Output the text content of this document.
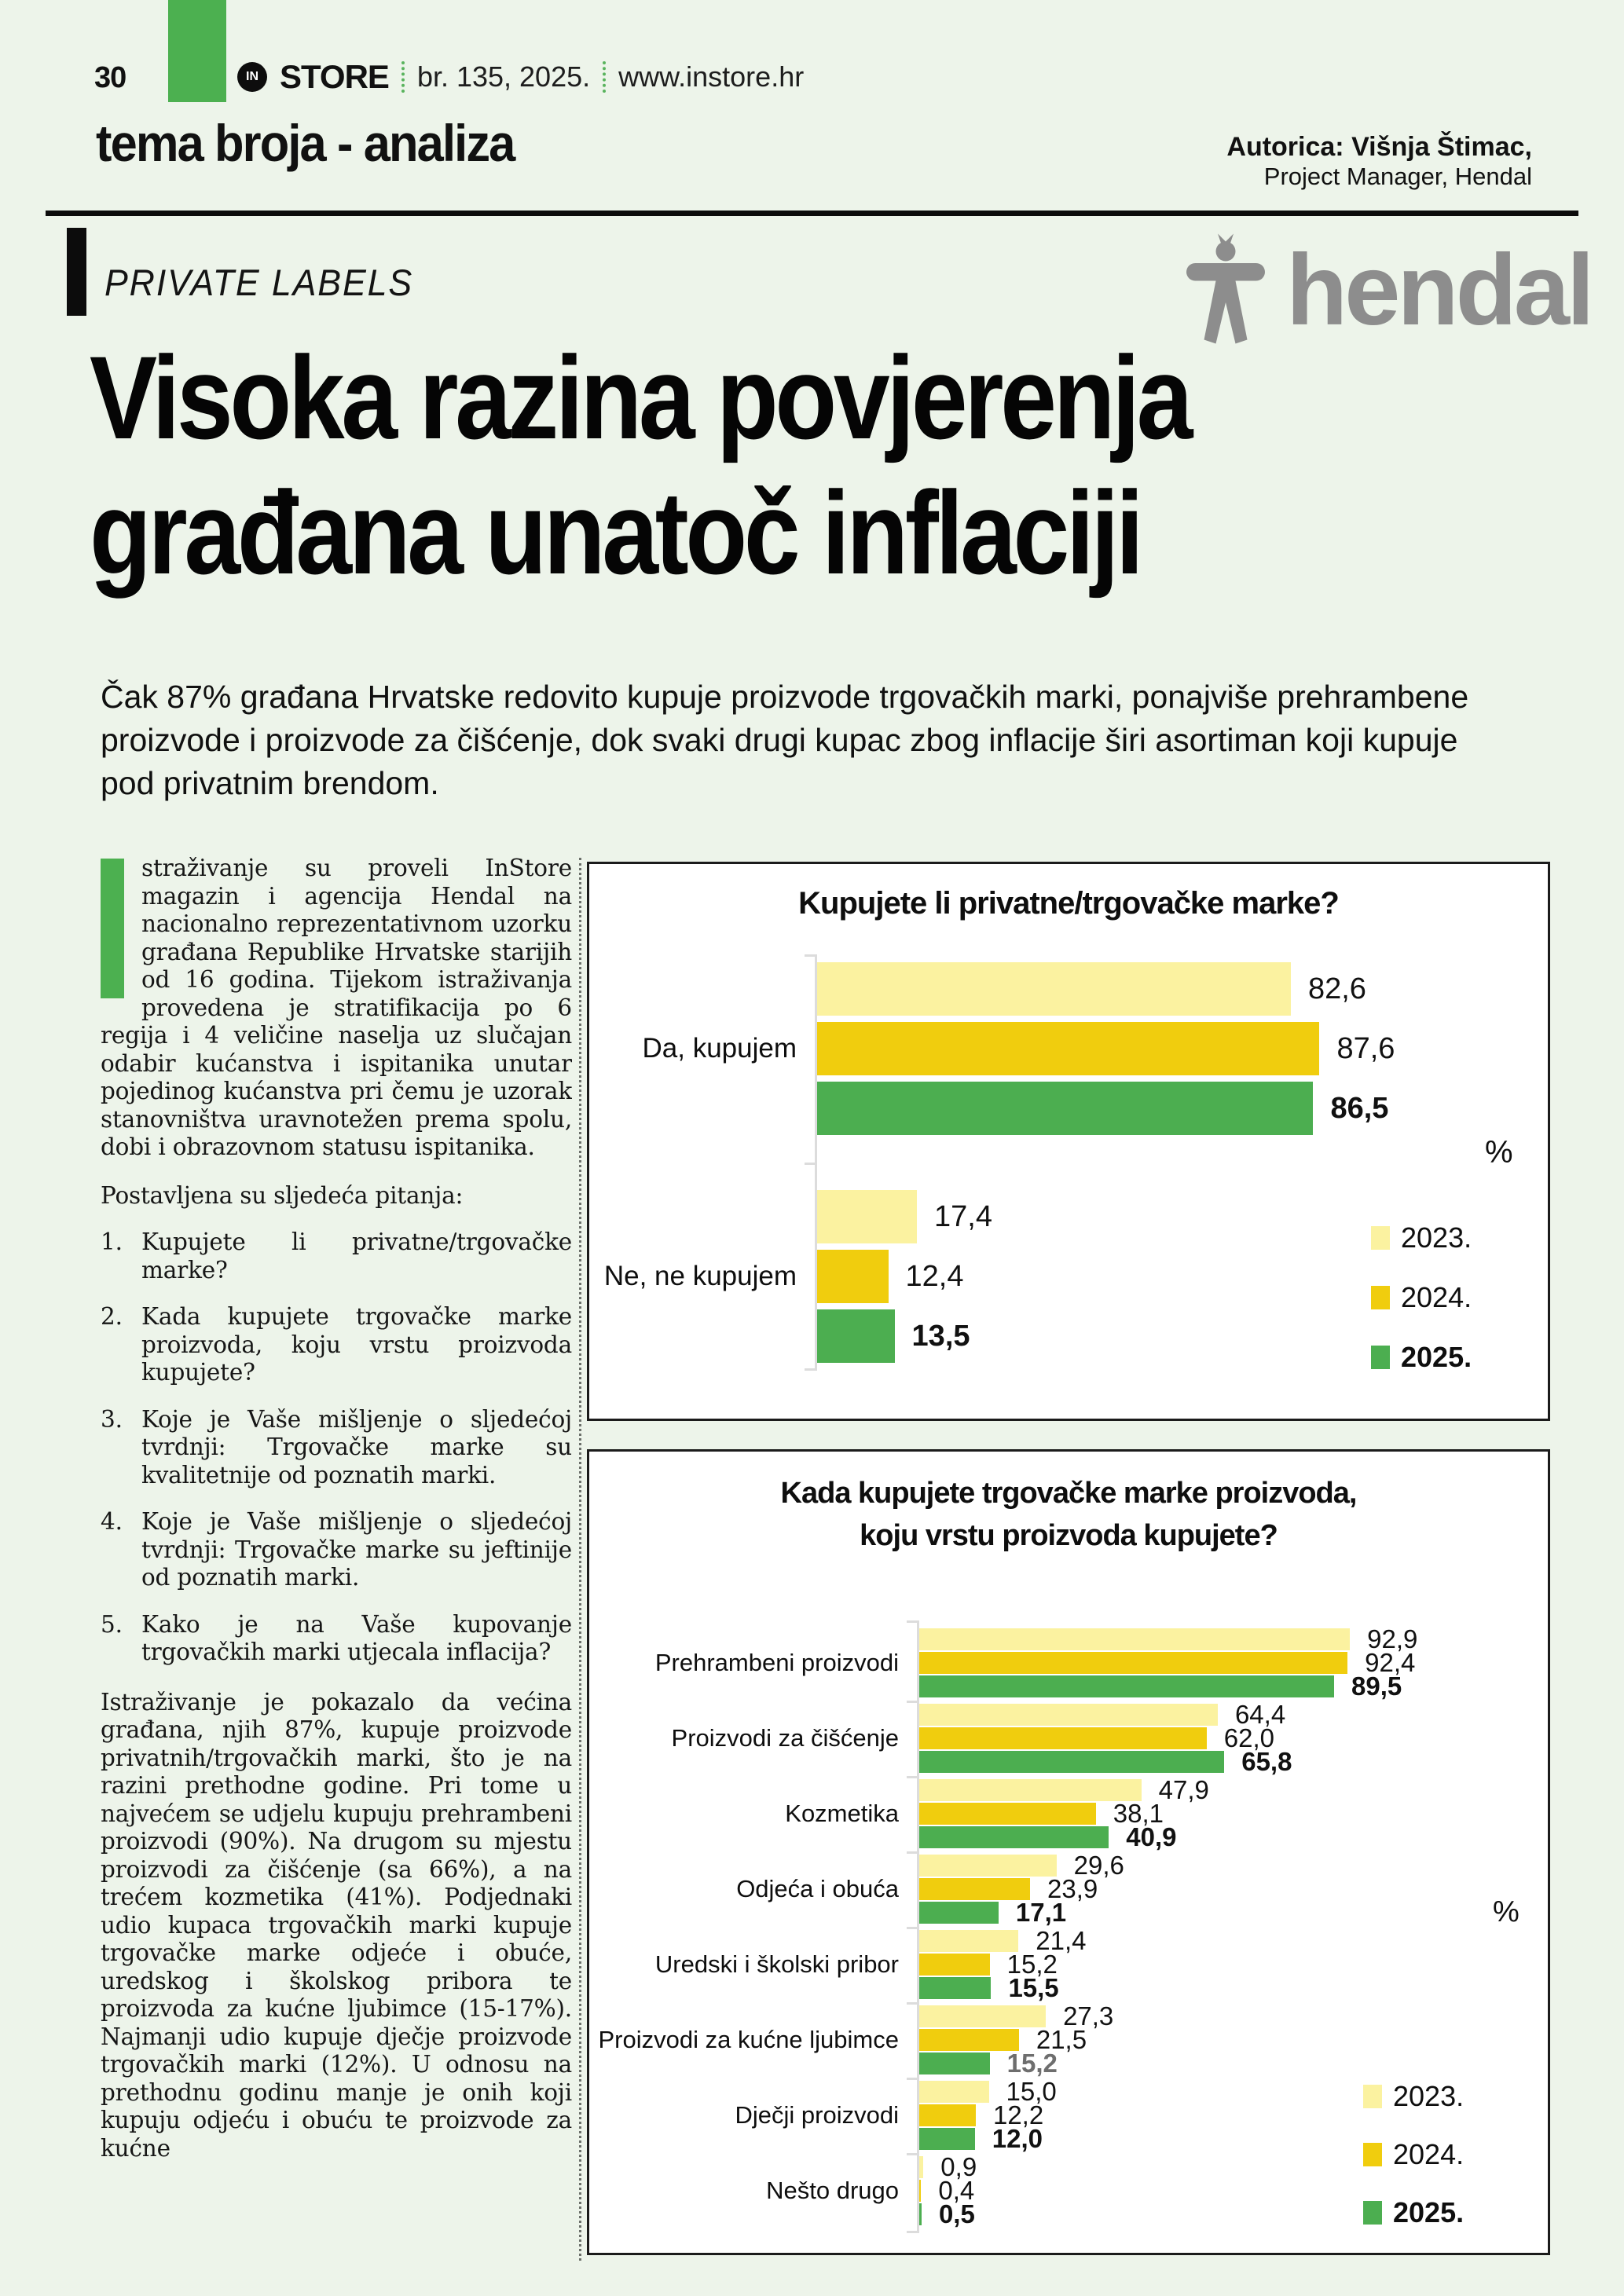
30	IN STORE br. 135, 2025. www.instore.hr
tema broja - analiza	Autorica: Višnja Štimac,
Project Manager, Hendal
PRIVATE LABELS	hendal
Visoka razina povjerenja
građana unatoč inflaciji

Čak 87% građana Hrvatske redovito kupuje proizvode trgovačkih marki, ponajviše prehrambene proizvode i proizvode za čišćenje, dok svaki drugi kupac zbog inflacije širi asortiman koji kupuje pod privatnim brendom.

straživanje su proveli InStore magazin i agencija Hendal na nacionalno reprezentativnom uzorku građana Republike Hrvatske starijih od 16 godina. Tijekom istraživanja provedena je stratifikacija po 6 regija i 4 veličine naselja uz slučajan odabir kućanstva i ispitanika unutar pojedinog kućanstva pri čemu je uzorak stanovništva uravnotežen prema spolu, dobi i obrazovnom statusu ispitanika.

Postavljena su sljedeća pitanja:

1. Kupujete li privatne/trgovačke marke?
2. Kada kupujete trgovačke marke proizvoda, koju vrstu proizvoda kupujete?
3. Koje je Vaše mišljenje o sljedećoj tvrdnji: Trgovačke marke su kvalitetnije od poznatih marki.
4. Koje je Vaše mišljenje o sljedećoj tvrdnji: Trgovačke marke su jeftinije od poznatih marki.
5. Kako je na Vaše kupovanje trgovačkih marki utjecala inflacija?

Istraživanje je pokazalo da većina građana, njih 87%, kupuje proizvode privatnih/trgovačkih marki, što je na razini prethodne godine. Pri tome u najvećem se udjelu kupuju prehrambeni proizvodi (90%). Na drugom su mjestu proizvodi za čišćenje (sa 66%), a na trećem kozmetika (41%). Podjednaki udio kupaca trgovačkih marki kupuje trgovačke marke odjeće i obuće, uredskog i školskog pribora te proizvoda za kućne ljubimce (15-17%). Najmanji udio kupuje dječje proizvode trgovačkih marki (12%). U odnosu na prethodnu godinu manje je onih koji kupuju odjeću i obuću te proizvode za kućne

Kupujete li privatne/trgovačke marke?
Da, kupujem
82,6
87,6
86,5
Ne, ne kupujem
17,4
12,4
13,5
2023.
2024.
2025.
%
Kada kupujete trgovačke marke proizvoda,
koju vrstu proizvoda kupujete?
Prehrambeni proizvodi
92,9
92,4
89,5
Proizvodi za čišćenje
64,4
62,0
65,8
Kozmetika
47,9
38,1
40,9
Odjeća i obuća
29,6
23,9
17,1
Uredski i školski pribor
21,4
15,2
15,5
Proizvodi za kućne ljubimce
27,3
21,5
15,2
Dječji proizvodi
15,0
12,2
12,0
Nešto drugo
0,9
0,4
0,5
2023.
2024.
2025.
%
